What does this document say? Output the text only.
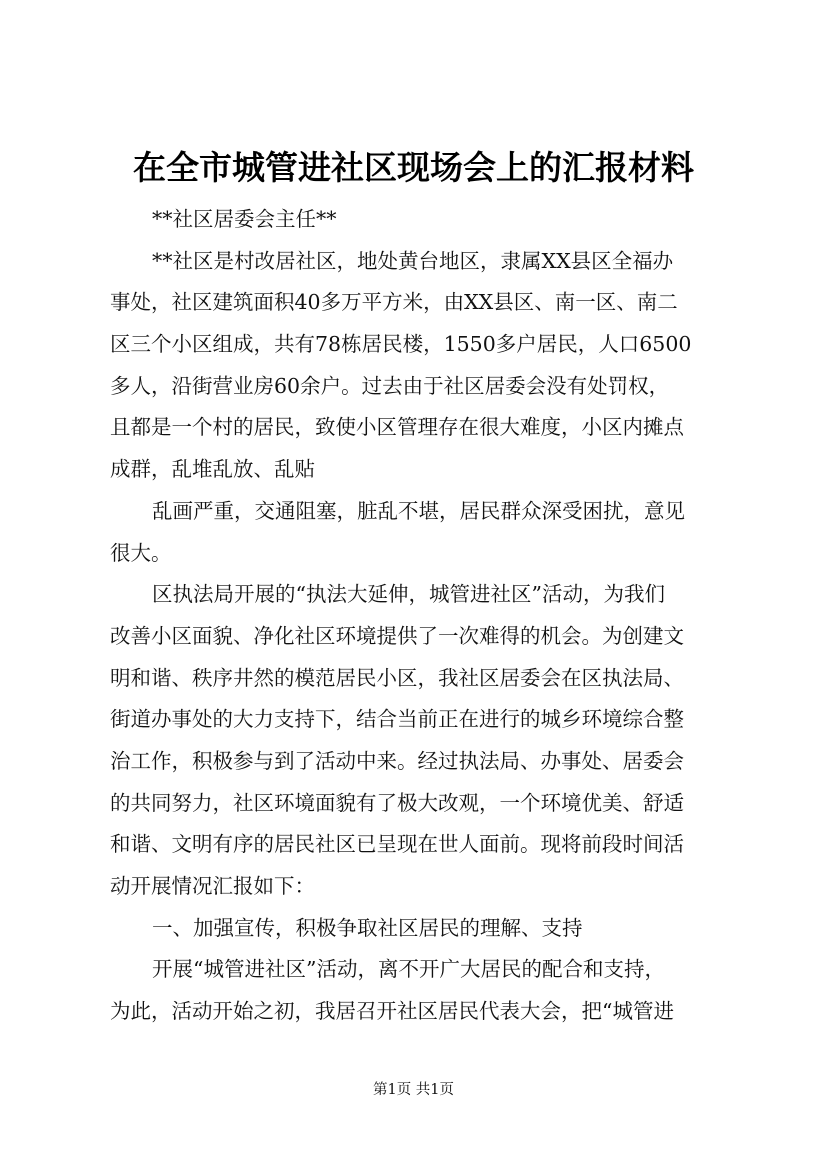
在全市城管进社区现场会上的汇报材料
**社区居委会主任**
**社区是村改居社区，地处黄台地区，隶属XX县区全福办
事处，社区建筑面积40多万平方米，由XX县区、南一区、南二
区三个小区组成，共有78栋居民楼，1550多户居民，人口6500
多人，沿街营业房60余户。过去由于社区居委会没有处罚权，
且都是一个村的居民，致使小区管理存在很大难度，小区内摊点
成群，乱堆乱放、乱贴
乱画严重，交通阻塞，脏乱不堪，居民群众深受困扰，意见
很大。
区执法局开展的“执法大延伸，城管进社区”活动，为我们
改善小区面貌、净化社区环境提供了一次难得的机会。为创建文
明和谐、秩序井然的模范居民小区，我社区居委会在区执法局、
街道办事处的大力支持下，结合当前正在进行的城乡环境综合整
治工作，积极参与到了活动中来。经过执法局、办事处、居委会
的共同努力，社区环境面貌有了极大改观，一个环境优美、舒适
和谐、文明有序的居民社区已呈现在世人面前。现将前段时间活
动开展情况汇报如下：
一、加强宣传，积极争取社区居民的理解、支持
开展“城管进社区”活动，离不开广大居民的配合和支持，
为此，活动开始之初，我居召开社区居民代表大会，把“城管进
第1页 共1页
